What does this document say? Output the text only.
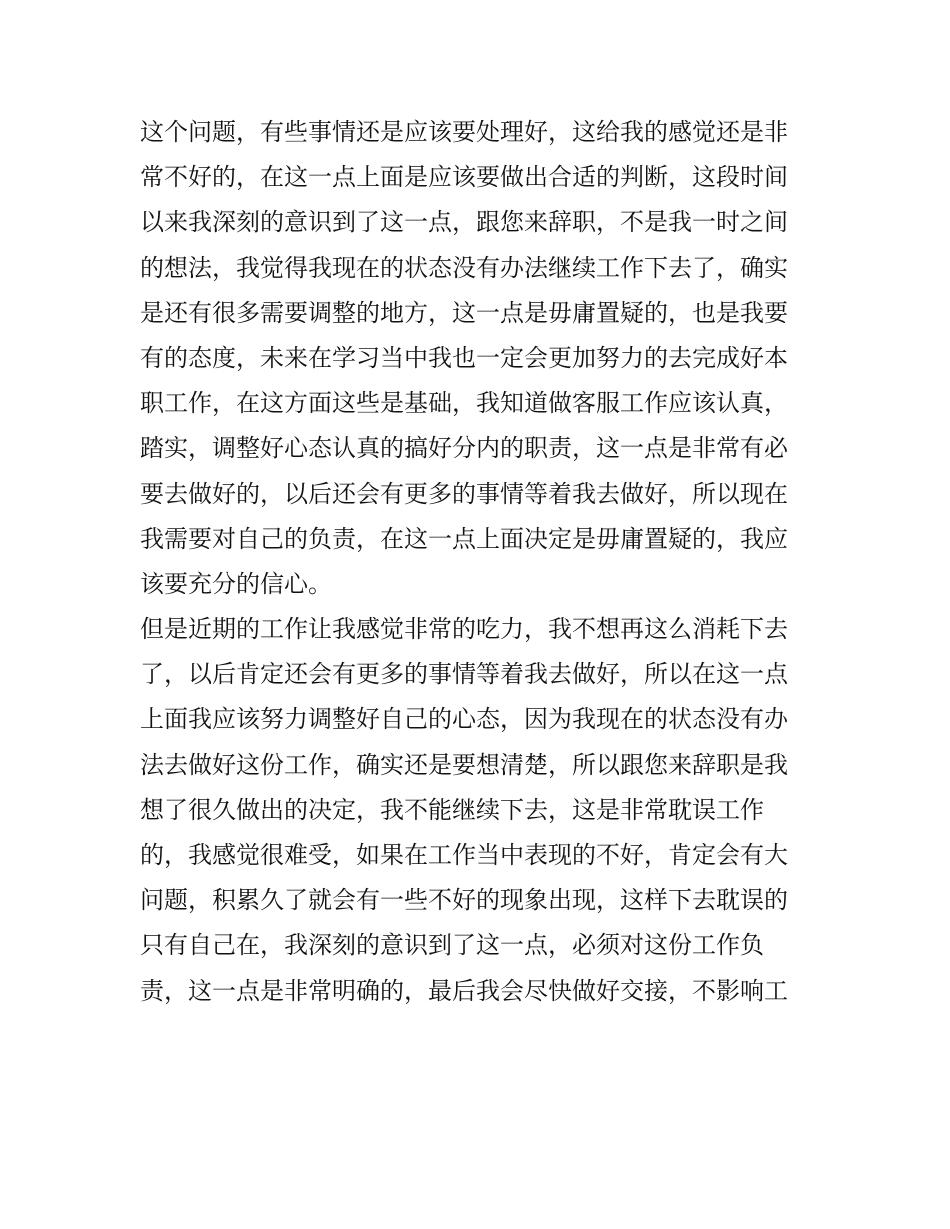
这个问题，有些事情还是应该要处理好，这给我的感觉还是非
常不好的，在这一点上面是应该要做出合适的判断，这段时间
以来我深刻的意识到了这一点，跟您来辞职，不是我一时之间
的想法，我觉得我现在的状态没有办法继续工作下去了，确实
是还有很多需要调整的地方，这一点是毋庸置疑的，也是我要
有的态度，未来在学习当中我也一定会更加努力的去完成好本
职工作，在这方面这些是基础，我知道做客服工作应该认真，
踏实，调整好心态认真的搞好分内的职责，这一点是非常有必
要去做好的，以后还会有更多的事情等着我去做好，所以现在
我需要对自己的负责，在这一点上面决定是毋庸置疑的，我应
该要充分的信心。
但是近期的工作让我感觉非常的吃力，我不想再这么消耗下去
了，以后肯定还会有更多的事情等着我去做好，所以在这一点
上面我应该努力调整好自己的心态，因为我现在的状态没有办
法去做好这份工作，确实还是要想清楚，所以跟您来辞职是我
想了很久做出的决定，我不能继续下去，这是非常耽误工作
的，我感觉很难受，如果在工作当中表现的不好，肯定会有大
问题，积累久了就会有一些不好的现象出现，这样下去耽误的
只有自己在，我深刻的意识到了这一点，必须对这份工作负
责，这一点是非常明确的，最后我会尽快做好交接，不影响工
